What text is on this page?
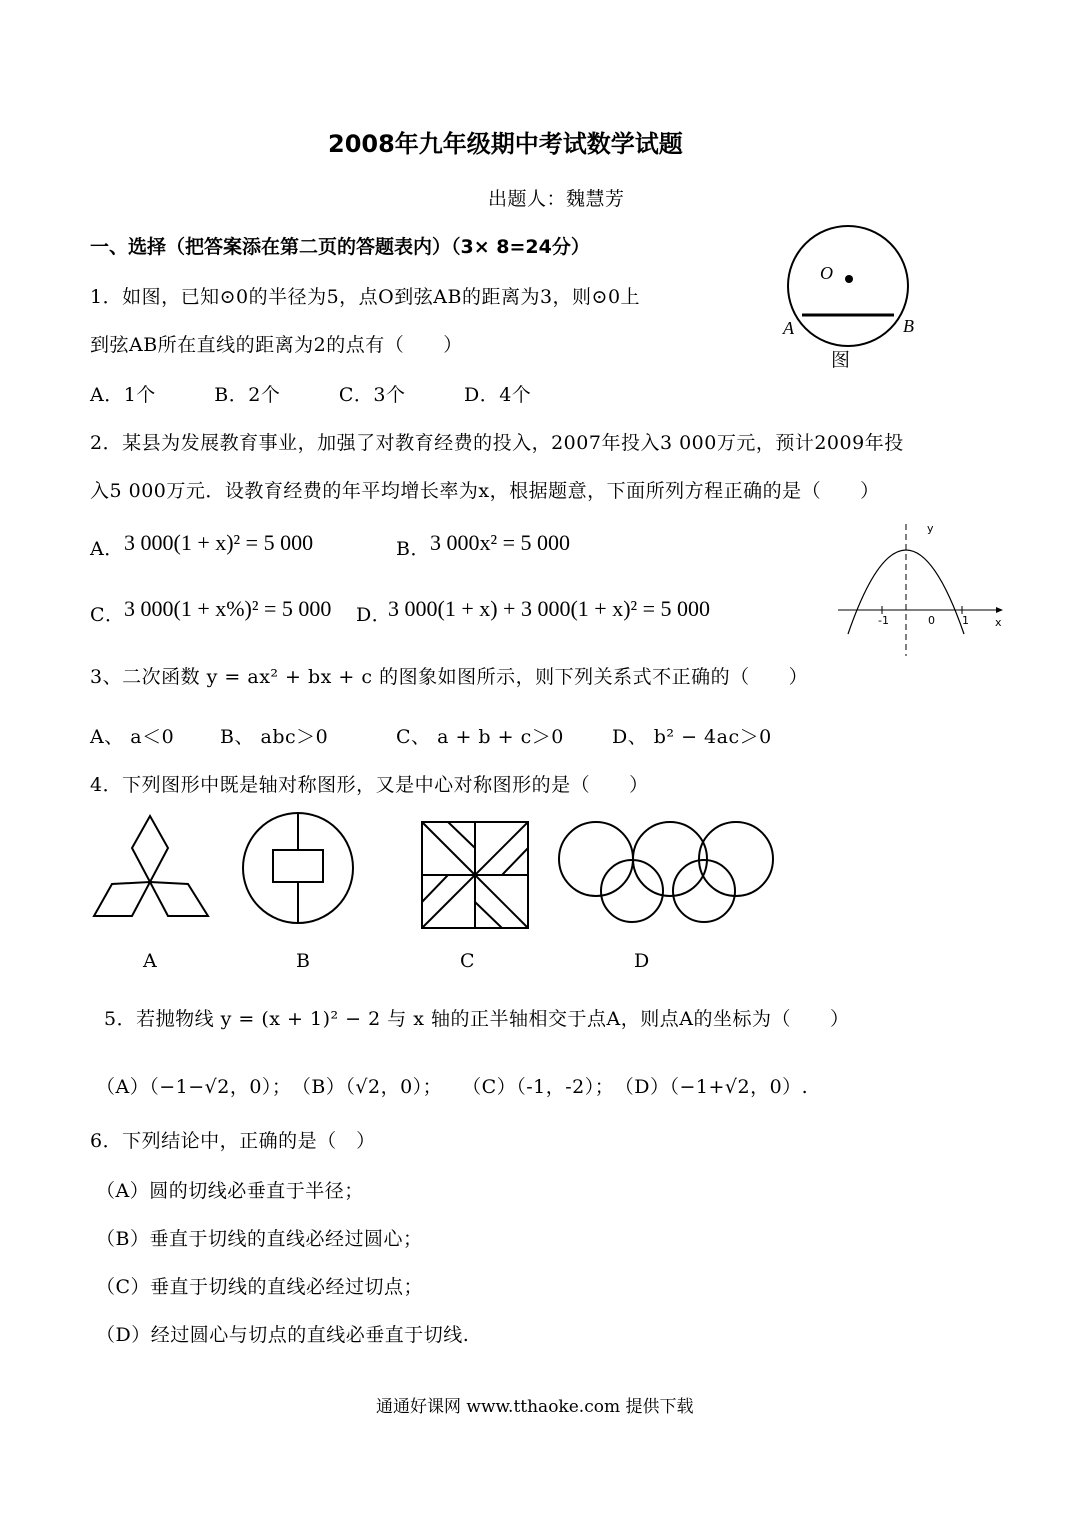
2008年九年级期中考试数学试题
出题人：魏慧芳
一、选择（把答案添在第二页的答题表内）（3× 8=24分）
1．如图，已知⊙0的半径为5，点O到弦AB的距离为3，则⊙0上
到弦AB所在直线的距离为2的点有（　　）
A．1个　　　B．2个　　　C．3个　　　D．4个
O
A	B
图
2．某县为发展教育事业，加强了对教育经费的投入，2007年投入3 000万元，预计2009年投
入5 000万元．设教育经费的年平均增长率为x，根据题意，下面所列方程正确的是（　　）
A． 3 000(1 + x)² = 5 000	B． 3 000x² = 5 000
C． 3 000(1 + x%)² = 5 000 D．
3 000(1 + x) + 3 000(1 + x)² = 5 000
y
x
-1	0 1
3、二次函数 y = ax² + bx + c 的图象如图所示，则下列关系式不正确的（　　）
A、 a＜0 B、 abc＞0	C、 a + b + c＞0	D、 b² − 4ac＞0
4．下列图形中既是轴对称图形，又是中心对称图形的是（　　）
A	B	C	D
5．若抛物线 y = (x + 1)² − 2 与 x 轴的正半轴相交于点A，则点A的坐标为（　　）
（A）（−1−√2，0）；　（B）（√2，0）；　　（C）（-1，-2）；　（D）（−1+√2，0）.
6．下列结论中，正确的是（　）
（A）圆的切线必垂直于半径；
（B）垂直于切线的直线必经过圆心；
（C）垂直于切线的直线必经过切点；
（D）经过圆心与切点的直线必垂直于切线.
通通好课网 www.tthaoke.com 提供下载
